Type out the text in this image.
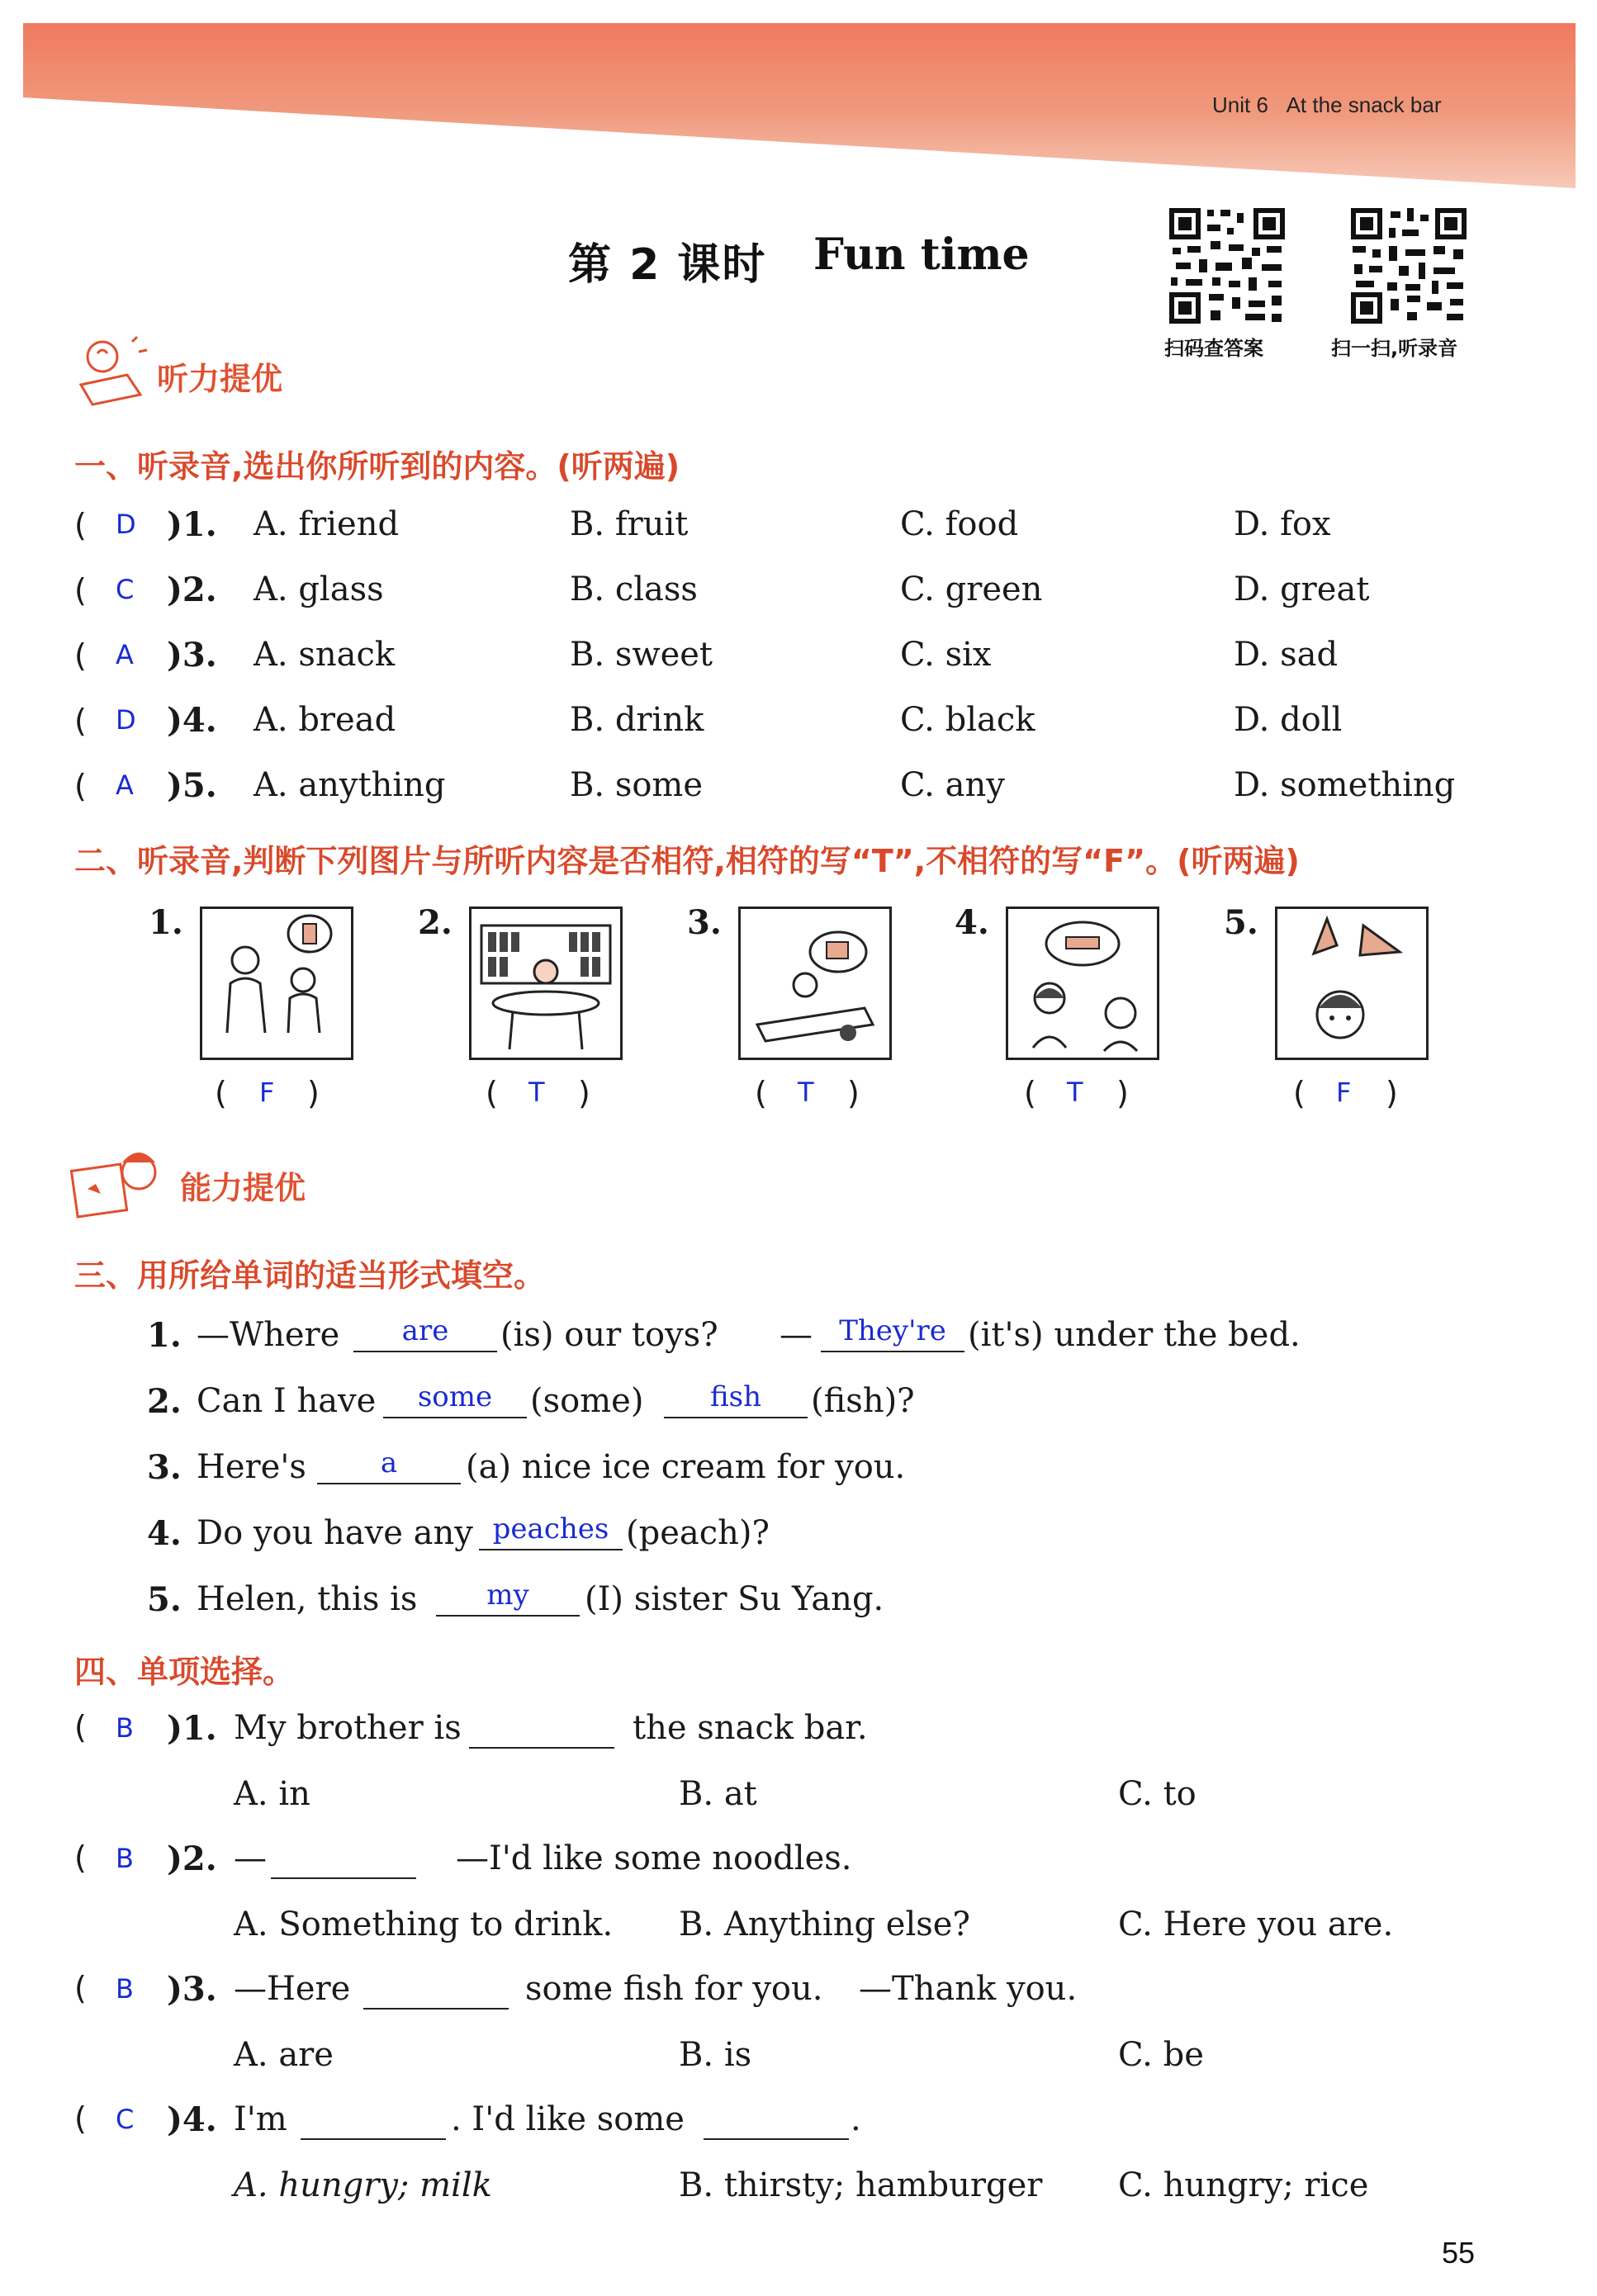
Unit 6 At the snack bar
第 2 课时 Fun time
扫码查答案	扫一扫,听录音
听力提优
一、听录音,选出你所听到的内容。(听两遍)
( D )1. A. friend	B. fruit	C. food	D. fox
( C )2. A. glass	B. class	C. green	D. great
( A )3. A. snack	B. sweet	C. six	D. sad
( D )4. A. bread	B. drink	C. black	D. doll
( A )5. A. anything	B. some	C. any	D. something
二、听录音,判断下列图片与所听内容是否相符,相符的写“T”,不相符的写“F”。(听两遍)
1.
( F )
2.
( T )
3.
( T )
4.
( T )
5.
( F )
能力提优
三、用所给单词的适当形式填空。
1. —Where	are	(is) our toys? — They're (it's) under the bed.
2. Can I have	some	(some)	fish	(fish)?
3. Here's	a	(a) nice ice cream for you.
4. Do you have any peaches (peach)?
5. Helen, this is	my	(I) sister Su Yang.
四、单项选择。
( B )1. My brother is	the snack bar.
A. in	B. at	C. to
( B )2. —	—I'd like some noodles.
A. Something to drink. B. Anything else?	C. Here you are.
( B )3. —Here	some fish for you. —Thank you.
A. are	B. is	C. be
( C )4. I'm	. I'd like some	.
A. hungry; milk	B. thirsty; hamburger C. hungry; rice
55
